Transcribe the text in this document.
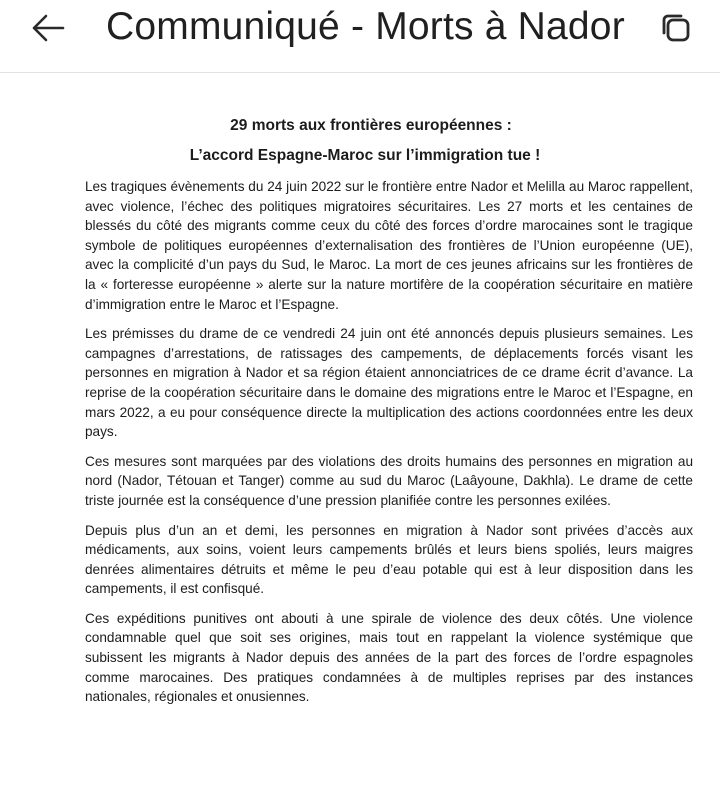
Communiqué - Morts à Nador

29 morts aux frontières européennes :

L’accord Espagne-Maroc sur l’immigration tue !

Les tragiques évènements du 24 juin 2022 sur le frontière entre Nador et Melilla au Maroc rappellent, avec violence, l’échec des politiques migratoires sécuritaires. Les 27 morts et les centaines de blessés du côté des migrants comme ceux du côté des forces d’ordre marocaines sont le tragique symbole de politiques européennes d’externalisation des frontières de l’Union européenne (UE), avec la complicité d’un pays du Sud, le Maroc. La mort de ces jeunes africains sur les frontières de la « forteresse européenne » alerte sur la nature mortifère de la coopération sécuritaire en matière d’immigration entre le Maroc et l’Espagne.

Les prémisses du drame de ce vendredi 24 juin ont été annoncés depuis plusieurs semaines. Les campagnes d’arrestations, de ratissages des campements, de déplacements forcés visant les personnes en migration à Nador et sa région étaient annonciatrices de ce drame écrit d’avance. La reprise de la coopération sécuritaire dans le domaine des migrations entre le Maroc et l’Espagne, en mars 2022, a eu pour conséquence directe la multiplication des actions coordonnées entre les deux pays.

Ces mesures sont marquées par des violations des droits humains des personnes en migration au nord (Nador, Tétouan et Tanger) comme au sud du Maroc (Laâyoune, Dakhla). Le drame de cette triste journée est la conséquence d’une pression planifiée contre les personnes exilées.

Depuis plus d’un an et demi, les personnes en migration à Nador sont privées d’accès aux médicaments, aux soins, voient leurs campements brûlés et leurs biens spoliés, leurs maigres denrées alimentaires détruits et même le peu d’eau potable qui est à leur disposition dans les campements, il est confisqué.

Ces expéditions punitives ont abouti à une spirale de violence des deux côtés. Une violence condamnable quel que soit ses origines, mais tout en rappelant la violence systémique que subissent les migrants à Nador depuis des années de la part des forces de l’ordre espagnoles comme marocaines. Des pratiques condamnées à de multiples reprises par des instances nationales, régionales et onusiennes.
